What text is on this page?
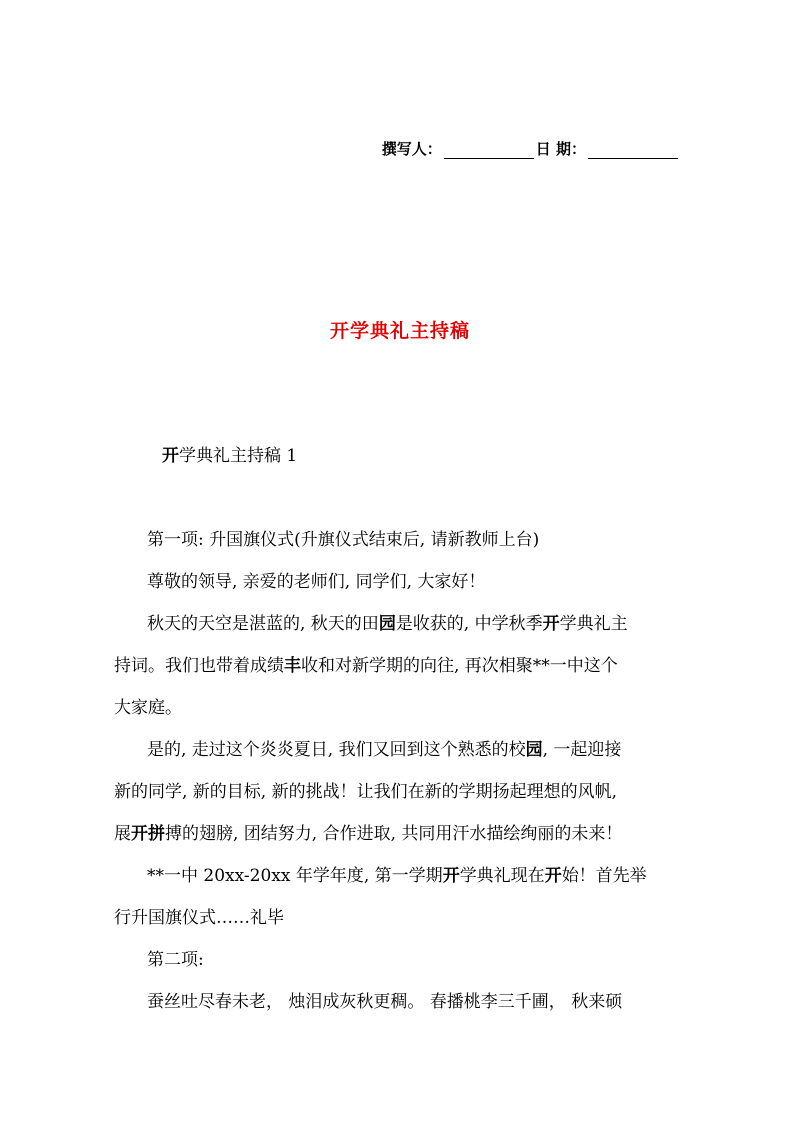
撰写人：	日 期：
开学典礼主持稿
开学典礼主持稿 1
第一项: 升国旗仪式(升旗仪式结束后, 请新教师上台)
尊敬的领导, 亲爱的老师们, 同学们, 大家好！
秋天的天空是湛蓝的, 秋天的田园是收获的, 中学秋季开学典礼主
持词。我们也带着成绩丰收和对新学期的向往, 再次相聚**一中这个
大家庭。
是的, 走过这个炎炎夏日, 我们又回到这个熟悉的校园, 一起迎接
新的同学, 新的目标, 新的挑战！让我们在新的学期扬起理想的风帆,
展开拼搏的翅膀, 团结努力, 合作进取, 共同用汗水描绘绚丽的未来！
**一中 20xx-20xx 年学年度, 第一学期开学典礼现在开始！首先举
行升国旗仪式……礼毕
第二项:
蚕丝吐尽春未老， 烛泪成灰秋更稠。 春播桃李三千圃， 秋来硕
